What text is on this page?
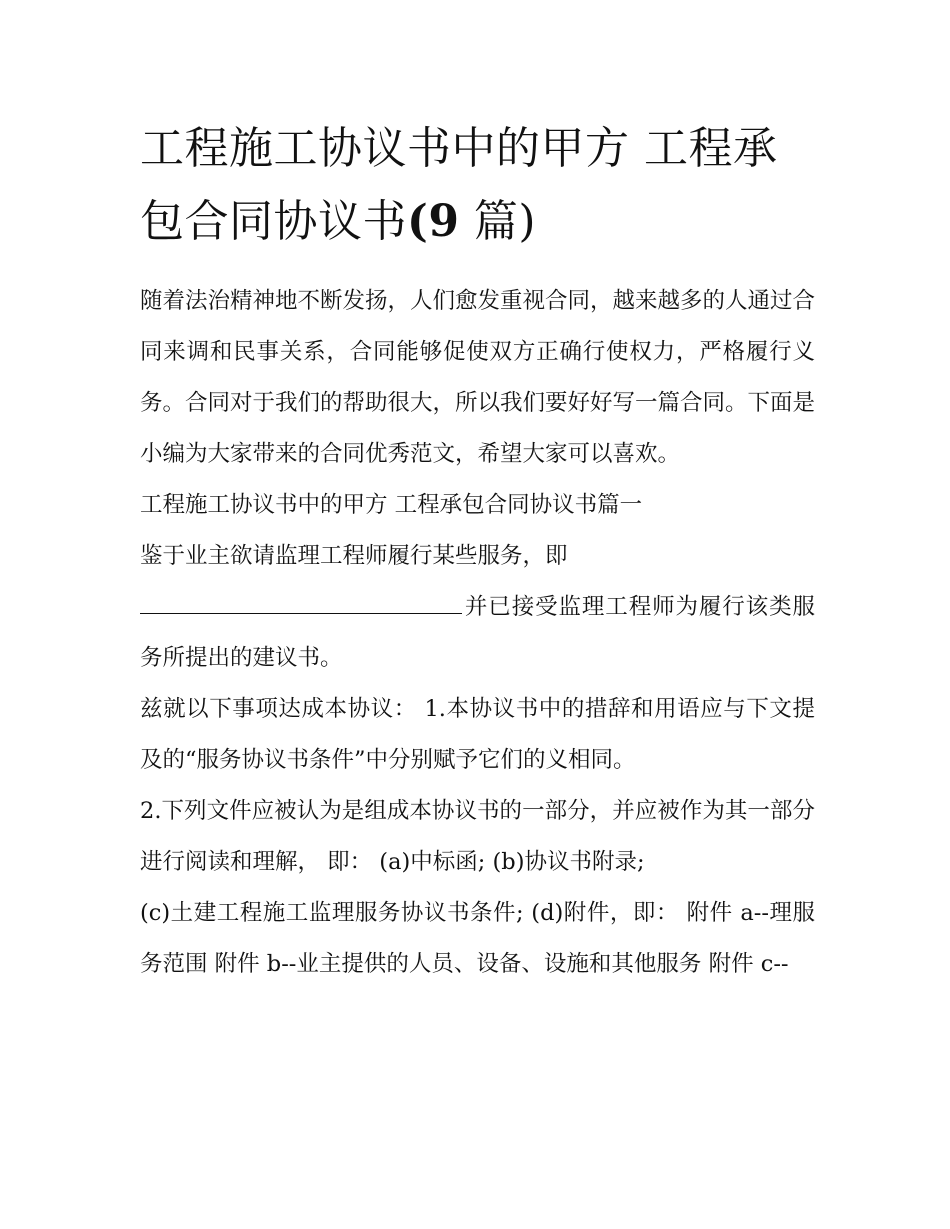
工程施工协议书中的甲方 工程承包合同协议书(9 篇)

随着法治精神地不断发扬，人们愈发重视合同，越来越多的人通过合同来调和民事关系，合同能够促使双方正确行使权力，严格履行义务。合同对于我们的帮助很大，所以我们要好好写一篇合同。下面是小编为大家带来的合同优秀范文，希望大家可以喜欢。

工程施工协议书中的甲方 工程承包合同协议书篇一

鉴于业主欲请监理工程师履行某些服务，即

并已接受监理工程师为履行该类服务所提出的建议书。

兹就以下事项达成本协议： 1.本协议书中的措辞和用语应与下文提及的“服务协议书条件”中分别赋予它们的义相同。

2.下列文件应被认为是组成本协议书的一部分，并应被作为其一部分进行阅读和理解， 即： (a)中标函; (b)协议书附录;

(c)土建工程施工监理服务协议书条件; (d)附件，即： 附件 a--理服务范围 附件 b--业主提供的人员、设备、设施和其他服务 附件 c--
